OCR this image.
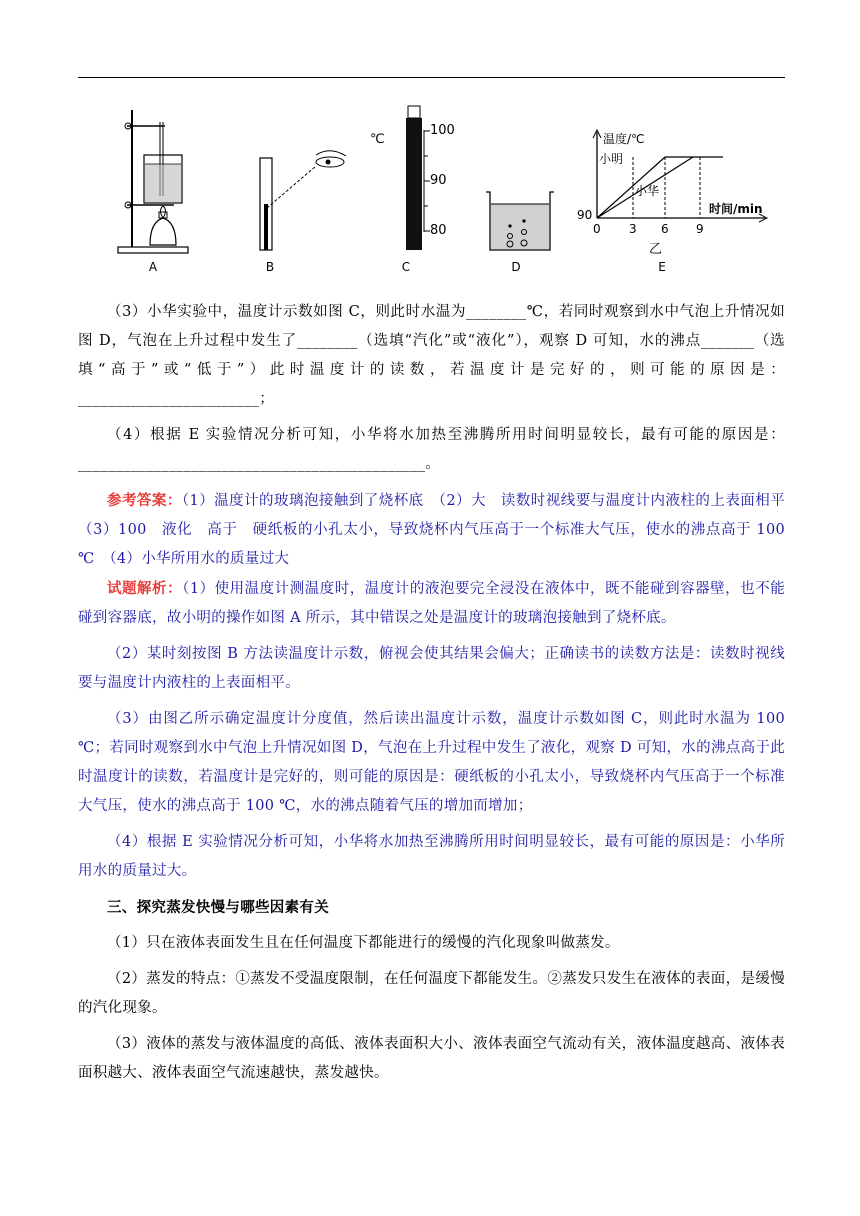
A	B
℃
100
90
80
C	D
温度/℃
小明
小华
90	时间/min
0 3 6 9
乙
E

（3）小华实验中，温度计示数如图 C，则此时水温为________℃，若同时观察到水中气泡上升情况如图 D，气泡在上升过程中发生了________（选填“汽化”或“液化”），观察 D 可知，水的沸点_______（选填“高于”或“低于”）此时温度计的读数，若温度计是完好的，则可能的原因是：________________________；

（4）根据 E 实验情况分析可知，小华将水加热至沸腾所用时间明显较长，最有可能的原因是：______________________________________________。

参考答案：（1）温度计的玻璃泡接触到了烧杯底　（2）大　读数时视线要与温度计内液柱的上表面相平　（3）100　液化　高于　硬纸板的小孔太小，导致烧杯内气压高于一个标准大气压，使水的沸点高于 100 ℃　（4）小华所用水的质量过大

试题解析：（1）使用温度计测温度时，温度计的液泡要完全浸没在液体中，既不能碰到容器壁，也不能碰到容器底，故小明的操作如图 A 所示，其中错误之处是温度计的玻璃泡接触到了烧杯底。

（2）某时刻按图 B 方法读温度计示数，俯视会使其结果会偏大；正确读书的读数方法是：读数时视线要与温度计内液柱的上表面相平。

（3）由图乙所示确定温度计分度值，然后读出温度计示数，温度计示数如图 C，则此时水温为 100 ℃；若同时观察到水中气泡上升情况如图 D，气泡在上升过程中发生了液化，观察 D 可知，水的沸点高于此时温度计的读数，若温度计是完好的，则可能的原因是：硬纸板的小孔太小，导致烧杯内气压高于一个标准大气压，使水的沸点高于 100 ℃，水的沸点随着气压的增加而增加；

（4）根据 E 实验情况分析可知，小华将水加热至沸腾所用时间明显较长，最有可能的原因是：小华所用水的质量过大。

三、探究蒸发快慢与哪些因素有关

（1）只在液体表面发生且在任何温度下都能进行的缓慢的汽化现象叫做蒸发。

（2）蒸发的特点：①蒸发不受温度限制，在任何温度下都能发生。②蒸发只发生在液体的表面，是缓慢的汽化现象。

（3）液体的蒸发与液体温度的高低、液体表面积大小、液体表面空气流动有关，液体温度越高、液体表面积越大、液体表面空气流速越快，蒸发越快。
